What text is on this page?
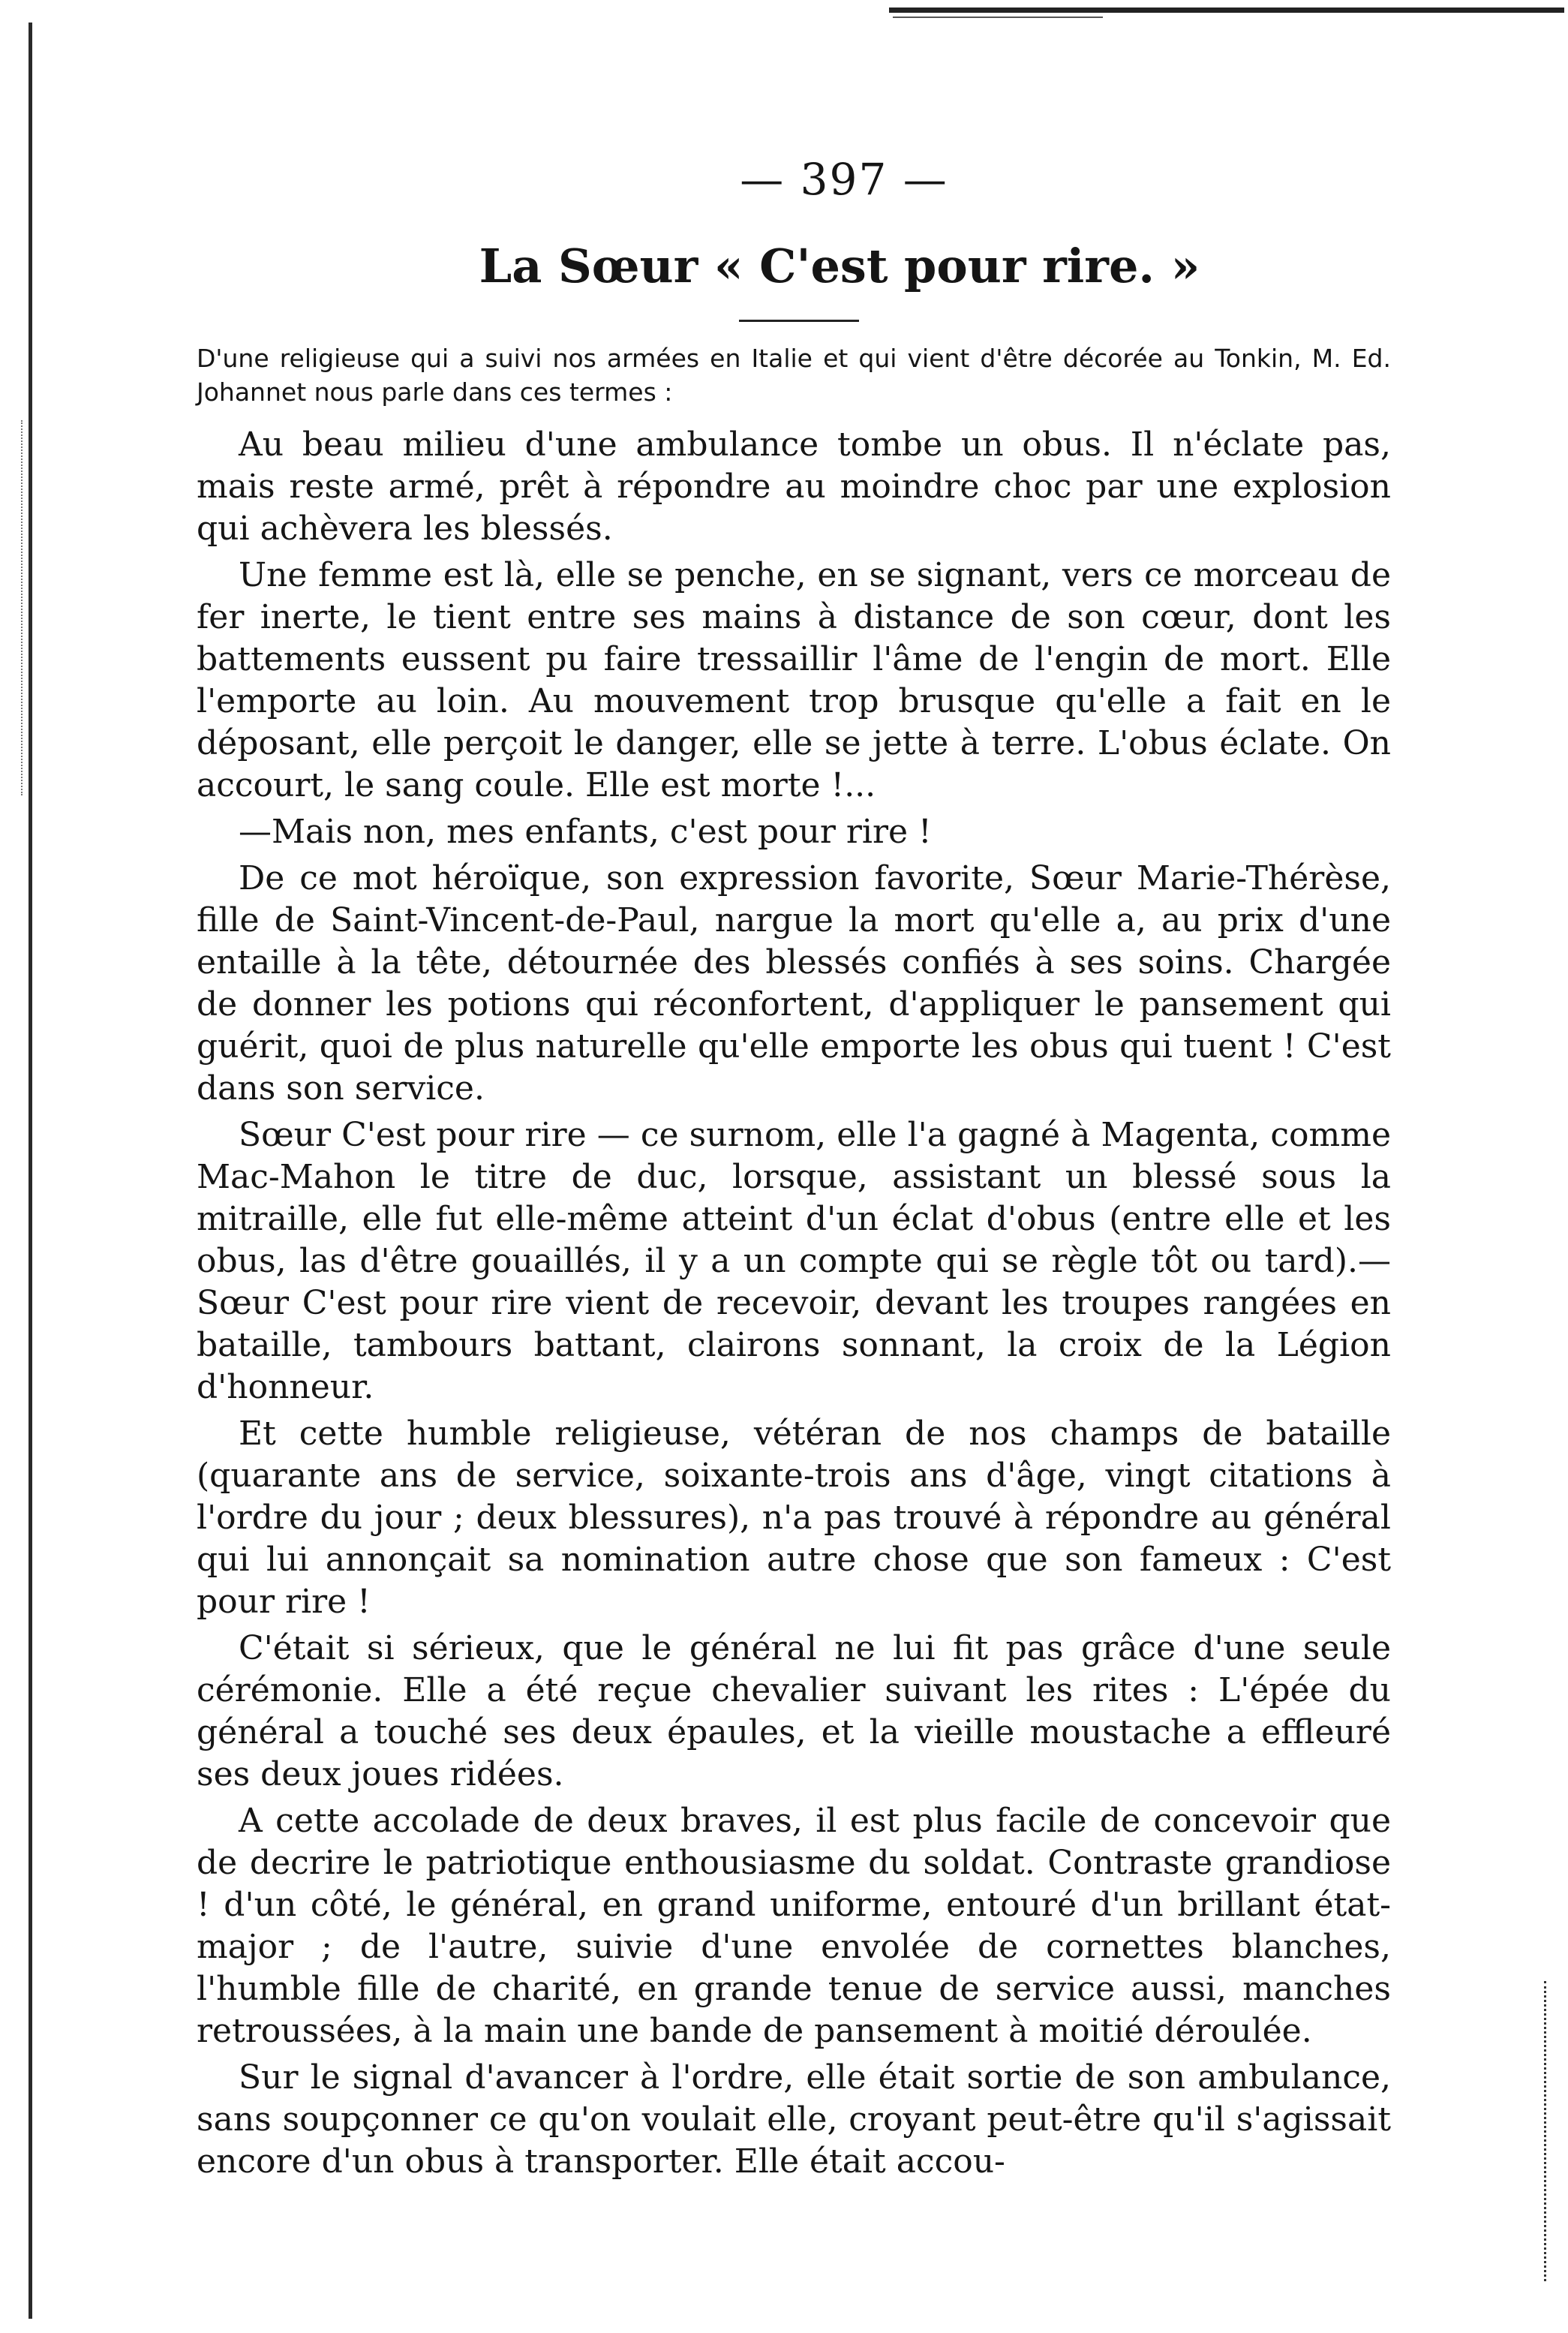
— 397 —
La Sœur « C'est pour rire. »

D'une religieuse qui a suivi nos armées en Italie et qui vient d'être décorée au Tonkin, M. Ed. Johannet nous parle dans ces termes :

Au beau milieu d'une ambulance tombe un obus. Il n'éclate pas, mais reste armé, prêt à répondre au moindre choc par une explosion qui achèvera les blessés.

Une femme est là, elle se penche, en se signant, vers ce morceau de fer inerte, le tient entre ses mains à distance de son cœur, dont les battements eussent pu faire tressaillir l'âme de l'engin de mort. Elle l'emporte au loin. Au mouvement trop brusque qu'elle a fait en le déposant, elle perçoit le danger, elle se jette à terre. L'obus éclate. On accourt, le sang coule. Elle est morte !...

—Mais non, mes enfants, c'est pour rire !

De ce mot héroïque, son expression favorite, Sœur Marie-Thérèse, fille de Saint-Vincent-de-Paul, nargue la mort qu'elle a, au prix d'une entaille à la tête, détournée des blessés confiés à ses soins. Chargée de donner les potions qui réconfortent, d'appliquer le pansement qui guérit, quoi de plus naturelle qu'elle emporte les obus qui tuent ! C'est dans son service.

Sœur C'est pour rire — ce surnom, elle l'a gagné à Magenta, comme Mac-Mahon le titre de duc, lorsque, assistant un blessé sous la mitraille, elle fut elle-même atteint d'un éclat d'obus (entre elle et les obus, las d'être gouaillés, il y a un compte qui se règle tôt ou tard).—Sœur C'est pour rire vient de recevoir, devant les troupes rangées en bataille, tambours battant, clairons sonnant, la croix de la Légion d'honneur.

Et cette humble religieuse, vétéran de nos champs de bataille (quarante ans de service, soixante-trois ans d'âge, vingt citations à l'ordre du jour ; deux blessures), n'a pas trouvé à répondre au général qui lui annonçait sa nomination autre chose que son fameux : C'est pour rire !

C'était si sérieux, que le général ne lui fit pas grâce d'une seule cérémonie. Elle a été reçue chevalier suivant les rites : L'épée du général a touché ses deux épaules, et la vieille moustache a effleuré ses deux joues ridées.

A cette accolade de deux braves, il est plus facile de concevoir que de decrire le patriotique enthousiasme du soldat. Contraste grandiose ! d'un côté, le général, en grand uniforme, entouré d'un brillant état-major ; de l'autre, suivie d'une envolée de cornettes blanches, l'humble fille de charité, en grande tenue de service aussi, manches retroussées, à la main une bande de pansement à moitié déroulée.

Sur le signal d'avancer à l'ordre, elle était sortie de son ambulance, sans soupçonner ce qu'on voulait elle, croyant peut-être qu'il s'agissait encore d'un obus à transporter. Elle était accou-
